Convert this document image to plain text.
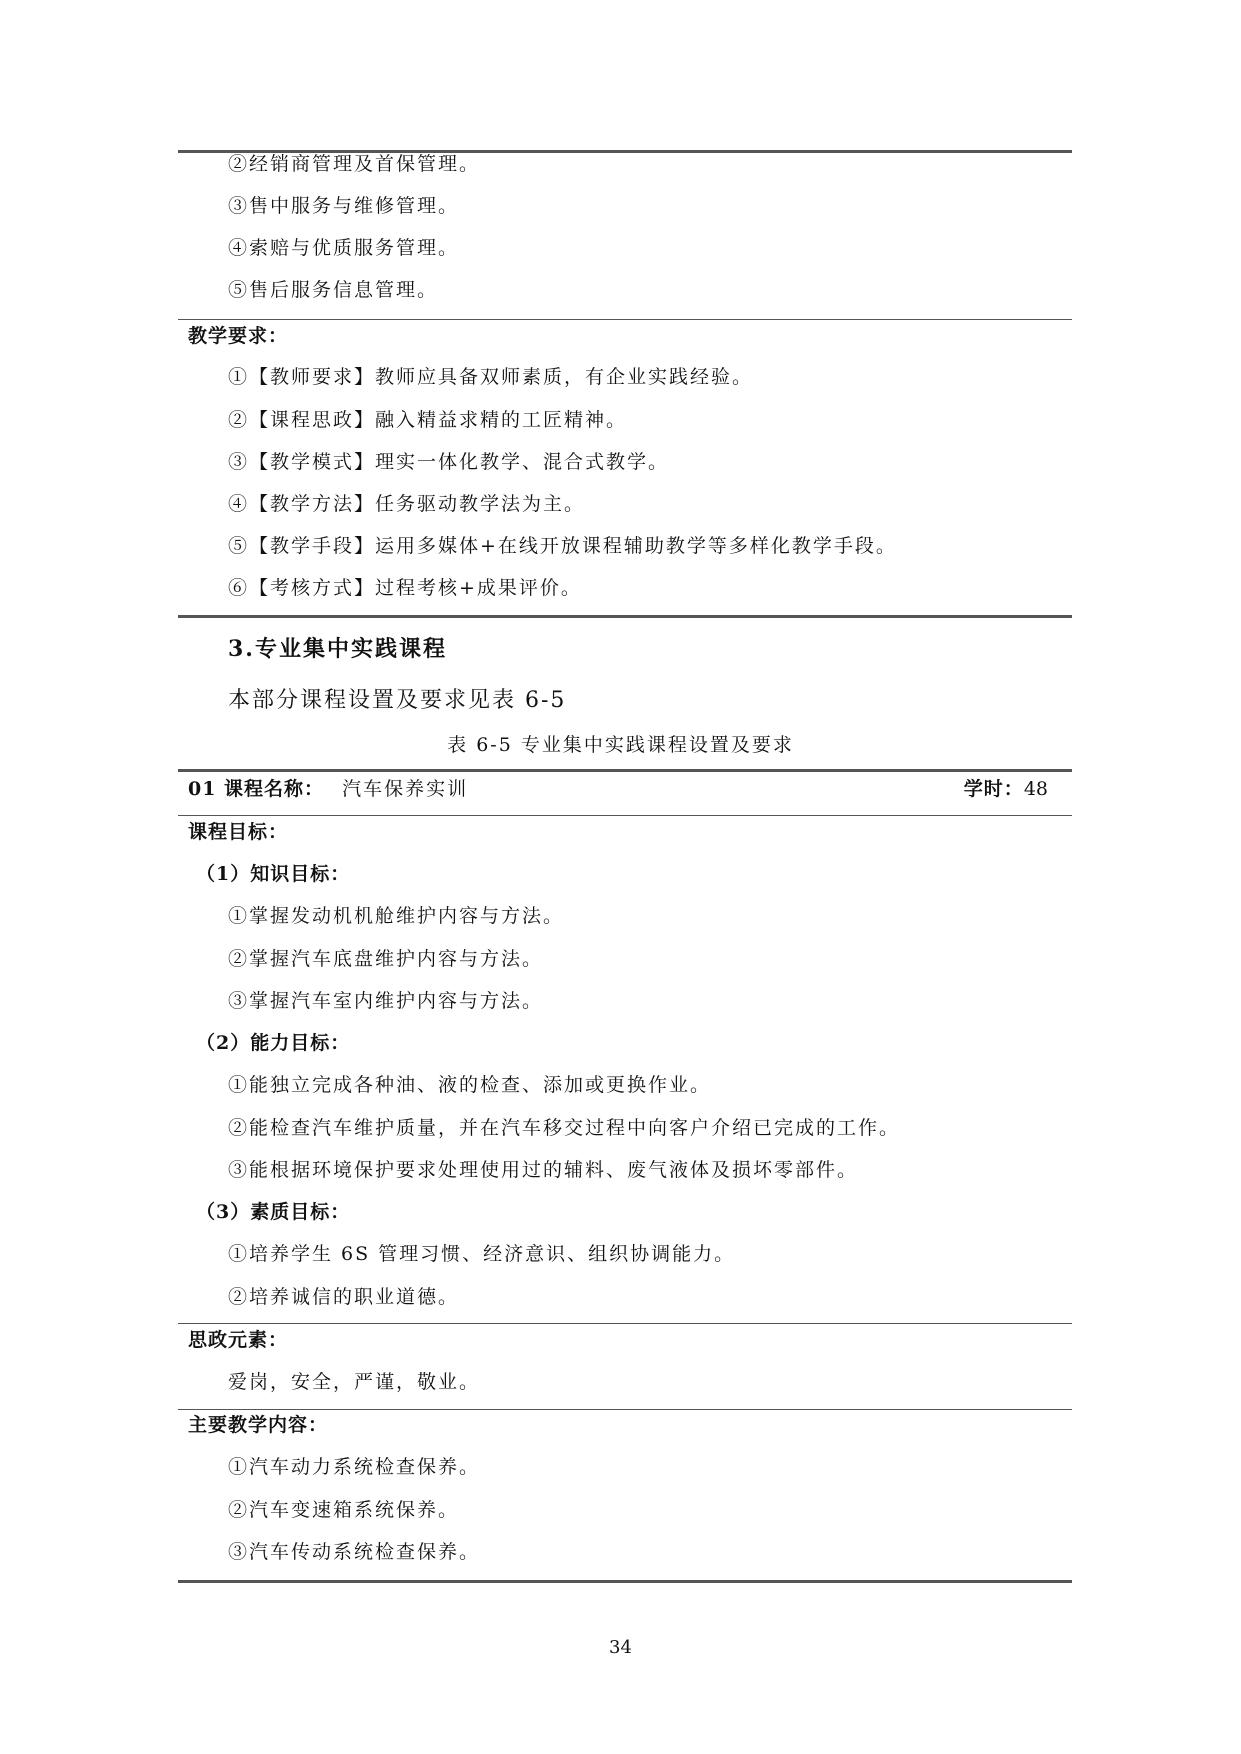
②经销商管理及首保管理。
③售中服务与维修管理。
④索赔与优质服务管理。
⑤售后服务信息管理。
教学要求：
①【教师要求】教师应具备双师素质，有企业实践经验。
②【课程思政】融入精益求精的工匠精神。
③【教学模式】理实一体化教学、混合式教学。
④【教学方法】任务驱动教学法为主。
⑤【教学手段】运用多媒体+在线开放课程辅助教学等多样化教学手段。
⑥【考核方式】过程考核+成果评价。
3.专业集中实践课程
本部分课程设置及要求见表 6-5
表 6-5 专业集中实践课程设置及要求
01 课程名称： 汽车保养实训	学时：48
课程目标：
（1）知识目标：
①掌握发动机机舱维护内容与方法。
②掌握汽车底盘维护内容与方法。
③掌握汽车室内维护内容与方法。
（2）能力目标：
①能独立完成各种油、液的检查、添加或更换作业。
②能检查汽车维护质量，并在汽车移交过程中向客户介绍已完成的工作。
③能根据环境保护要求处理使用过的辅料、废气液体及损坏零部件。
（3）素质目标：
①培养学生 6S 管理习惯、经济意识、组织协调能力。
②培养诚信的职业道德。
思政元素：
爱岗，安全，严谨，敬业。
主要教学内容：
①汽车动力系统检查保养。
②汽车变速箱系统保养。
③汽车传动系统检查保养。
34
